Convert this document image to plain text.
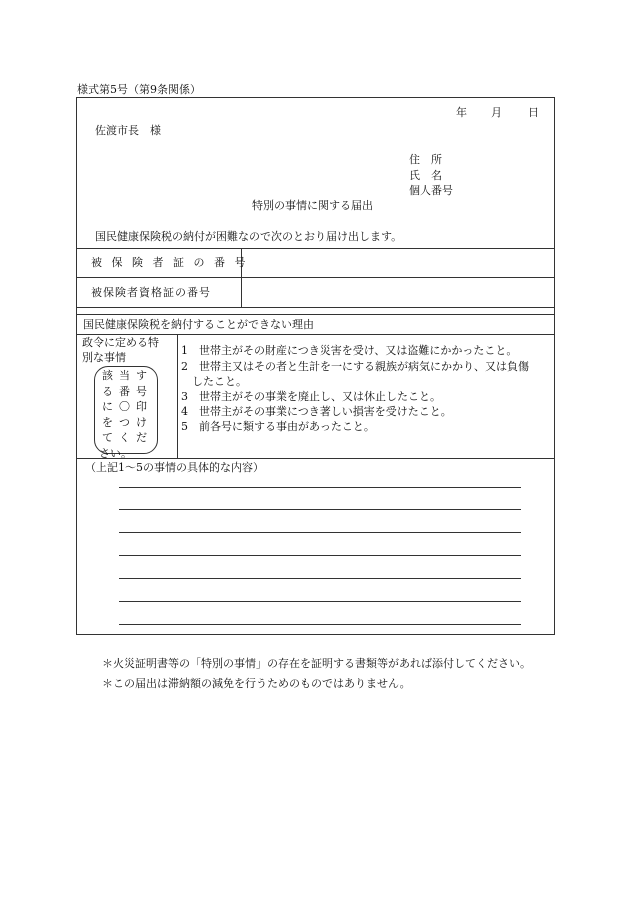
様式第5号（第9条関係）
年 月 日
佐渡市長　様
住　所
氏　名
個人番号
特別の事情に関する届出
国民健康保険税の納付が困難なので次のとおり届け出します。
被 保 険 者 証 の 番 号
被保険者資格証の番号
国民健康保険税を納付することができない理由
政令に定める特
別な事情
該 当 す
る 番 号
に 〇 印
を つ け
て く だ
さい。
1　世帯主がその財産につき災害を受け、又は盗難にかかったこと。
2　世帯主又はその者と生計を一にする親族が病気にかかり、又は負傷
　したこと。
3　世帯主がその事業を廃止し、又は休止したこと。
4　世帯主がその事業につき著しい損害を受けたこと。
5　前各号に類する事由があったこと。
（上記1～5の事情の具体的な内容）
＊火災証明書等の「特別の事情」の存在を証明する書類等があれば添付してください。
＊この届出は滞納額の減免を行うためのものではありません。
